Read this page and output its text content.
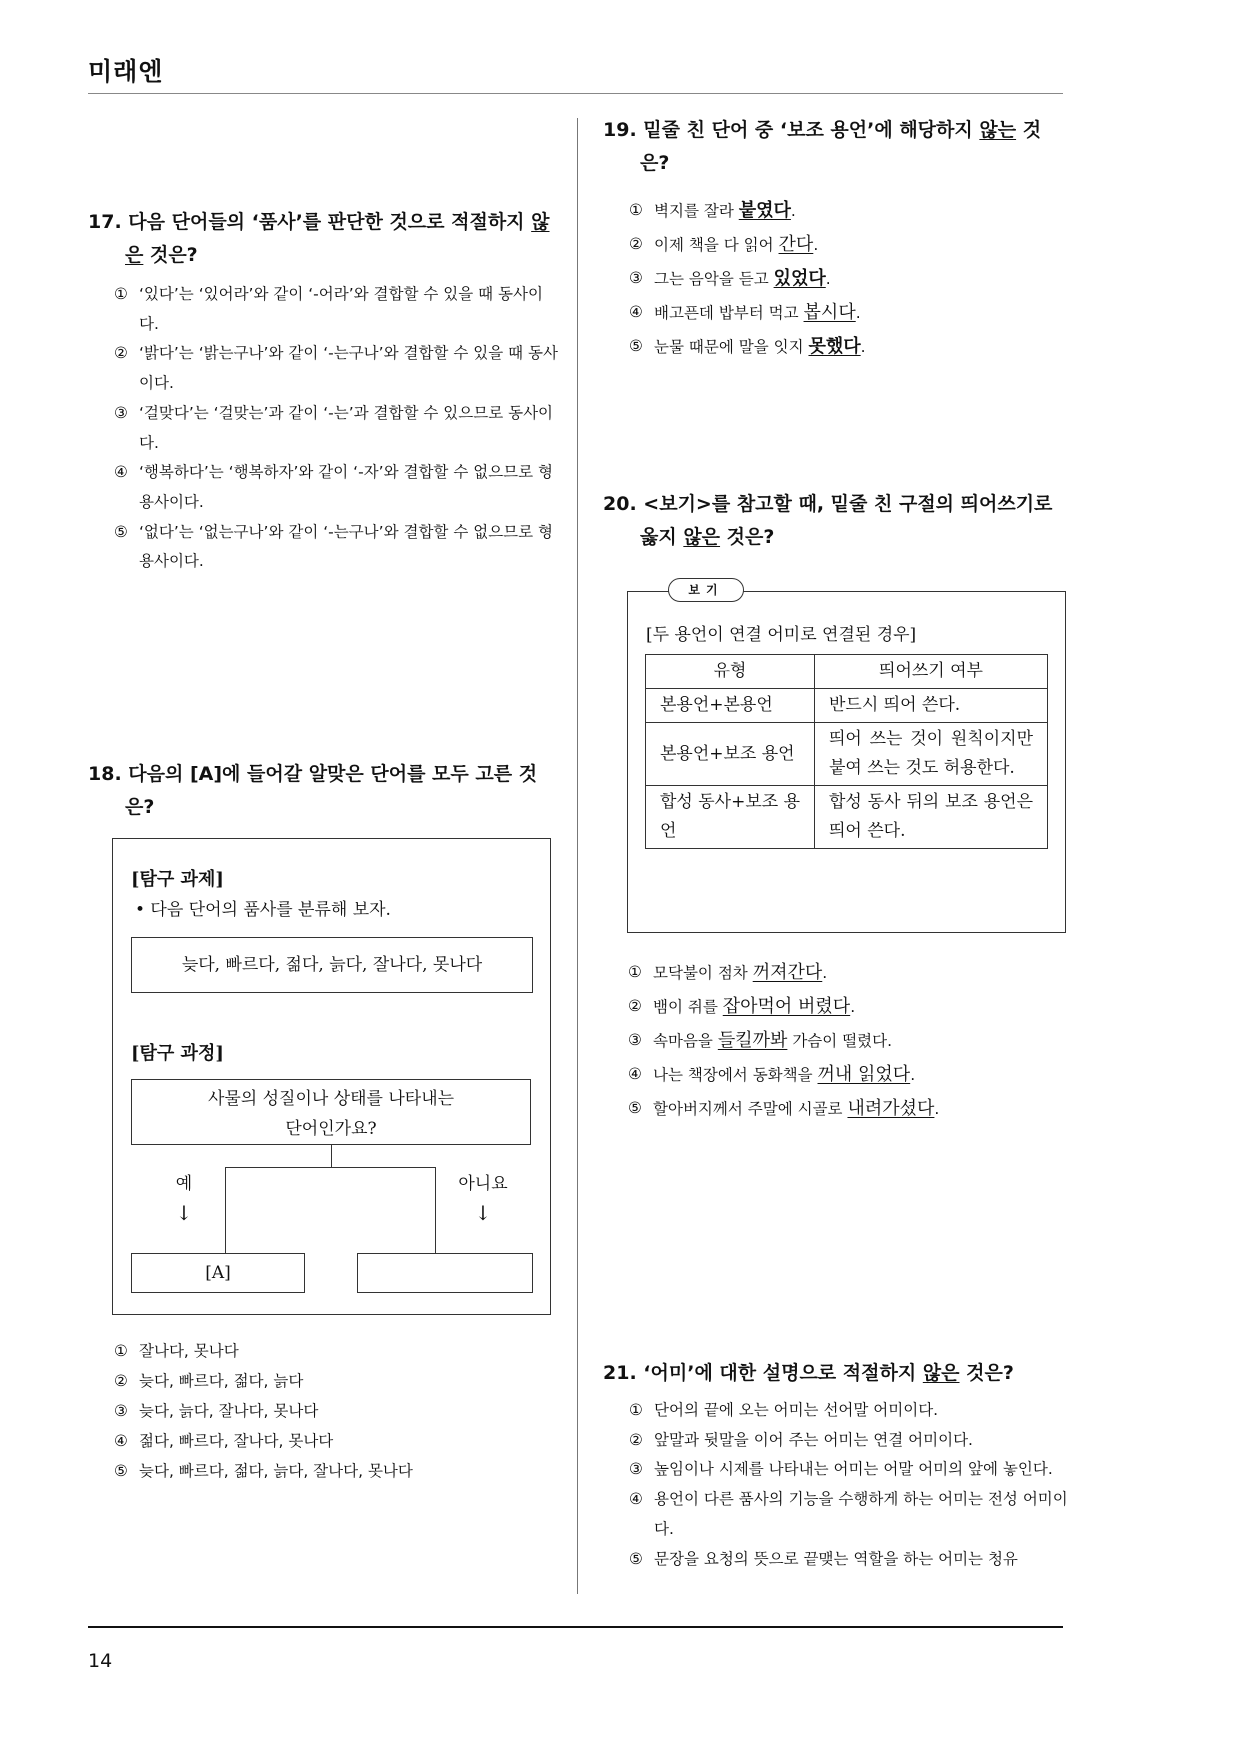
미래엔
14
17. 다음 단어들의 ‘품사’를 판단한 것으로 적절하지 않
은 것은?
① ‘있다’는 ‘있어라’와 같이 ‘-어라’와 결합할 수 있을 때 동사이다.
② ‘밝다’는 ‘밝는구나’와 같이 ‘-는구나’와 결합할 수 있을 때 동사이다.
③ ‘걸맞다’는 ‘걸맞는’과 같이 ‘-는’과 결합할 수 있으므로 동사이다.
④ ‘행복하다’는 ‘행복하자’와 같이 ‘-자’와 결합할 수 없으므로 형용사이다.
⑤ ‘없다’는 ‘없는구나’와 같이 ‘-는구나’와 결합할 수 없으므로 형용사이다.
18. 다음의 [A]에 들어갈 알맞은 단어를 모두 고른 것
은?
[탐구 과제]
• 다음 단어의 품사를 분류해 보자.
늦다, 빠르다, 젊다, 늙다, 잘나다, 못나다
[탐구 과정]
사물의 성질이나 상태를 나타내는
단어인가요?
예
↓
아니요
↓
[A]
① 잘나다, 못나다
② 늦다, 빠르다, 젊다, 늙다
③ 늦다, 늙다, 잘나다, 못나다
④ 젊다, 빠르다, 잘나다, 못나다
⑤ 늦다, 빠르다, 젊다, 늙다, 잘나다, 못나다
19. 밑줄 친 단어 중 ‘보조 용언’에 해당하지 않는 것
은?
① 벽지를 잘라 붙였다.
② 이제 책을 다 읽어 간다.
③ 그는 음악을 듣고 있었다.
④ 배고픈데 밥부터 먹고 봅시다.
⑤ 눈물 때문에 말을 잇지 못했다.
20. <보기>를 참고할 때, 밑줄 친 구절의 띄어쓰기로
옳지 않은 것은?
보기
[두 용언이 연결 어미로 연결된 경우]
유형	띄어쓰기 여부
본용언+본용언	반드시 띄어 쓴다.
본용언+보조 용언	띄어 쓰는 것이 원칙이지만 붙여 쓰는 것도 허용한다.
합성 동사+보조 용언	합성 동사 뒤의 보조 용언은 띄어 쓴다.
① 모닥불이 점차 꺼져간다.
② 뱀이 쥐를 잡아먹어 버렸다.
③ 속마음을 들킬까봐 가슴이 떨렸다.
④ 나는 책장에서 동화책을 꺼내 읽었다.
⑤ 할아버지께서 주말에 시골로 내려가셨다.
21. ‘어미’에 대한 설명으로 적절하지 않은 것은?
① 단어의 끝에 오는 어미는 선어말 어미이다.
② 앞말과 뒷말을 이어 주는 어미는 연결 어미이다.
③ 높임이나 시제를 나타내는 어미는 어말 어미의 앞에 놓인다.
④ 용언이 다른 품사의 기능을 수행하게 하는 어미는 전성 어미이다.
⑤ 문장을 요청의 뜻으로 끝맺는 역할을 하는 어미는 청유
